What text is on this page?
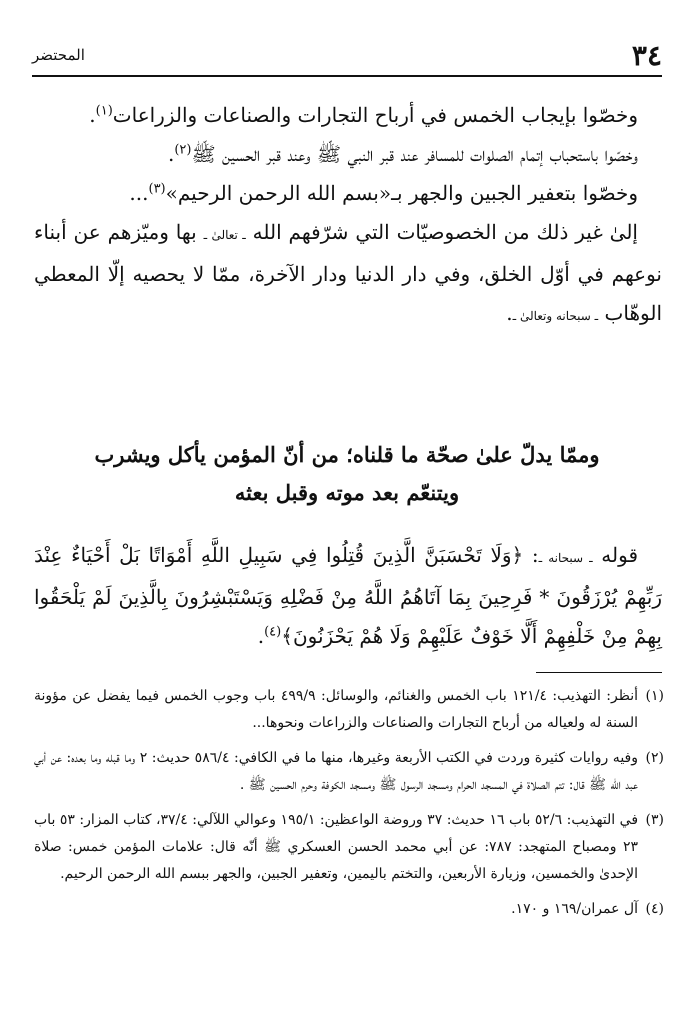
٣٤
المحتضر

وخصّوا بإيجاب الخمس في أرباح التجارات والصناعات والزراعات$^{(١)}$.

وخصّوا باستحباب إتمام الصلوات للمسافر عند قبر النبي ﷺ وعند قبر الحسين ﷺ$^{(٢)}$.

وخصّوا بتعفير الجبين والجهر بـ«بسم الله الرحمن الرحيم»$^{(٣)}$...

إلىٰ غير ذلك من الخصوصيّات التي شرّفهم الله ـ تعالىٰ ـ بها وميّزهم عن أبناء نوعهم في أوّل الخلق، وفي دار الدنيا ودار الآخرة، ممّا لا يحصيه إلّا المعطي الوهّاب ـ سبحانه وتعالىٰ ـ.

وممّا يدلّ علىٰ صحّة ما قلناه؛ من أنّ المؤمن يأكل ويشرب
ويتنعّم بعد موته وقبل بعثه

قوله ـ سبحانه ـ: ﴿وَلَا تَحْسَبَنَّ الَّذِينَ قُتِلُوا فِي سَبِيلِ اللَّهِ أَمْوَاتًا بَلْ أَحْيَاءٌ عِنْدَ رَبِّهِمْ يُرْزَقُونَ * فَرِحِينَ بِمَا آتَاهُمُ اللَّهُ مِنْ فَضْلِهِ وَيَسْتَبْشِرُونَ بِالَّذِينَ لَمْ يَلْحَقُوا بِهِمْ مِنْ خَلْفِهِمْ أَلَّا خَوْفٌ عَلَيْهِمْ وَلَا هُمْ يَحْزَنُونَ﴾$^{(٤)}$.

(١)
أنظر: التهذيب: ١٢١/٤ باب الخمس والغنائم، والوسائل: ٤٩٩/٩ باب وجوب الخمس فيما يفضل عن مؤونة السنة له ولعياله من أرباح التجارات والصناعات والزراعات ونحوها...
(٢)
وفيه روايات كثيرة وردت في الكتب الأربعة وغيرها، منها ما في الكافي: ٥٨٦/٤ حديث: ٢ وما قبله وما بعده: عن أبي عبد الله ﷺ قال: تتم الصلاة في المسجد الحرام ومسجد الرسول ﷺ ومسجد الكوفة وحرم الحسين ﷺ .
(٣)
في التهذيب: ٥٢/٦ باب ١٦ حديث: ٣٧ وروضة الواعظين: ١٩٥/١ وعوالي اللآلي: ٣٧/٤، كتاب المزار: ٥٣ باب ٢٣ ومصباح المتهجد: ٧٨٧: عن أبي محمد الحسن العسكري ﷺ أنّه قال: علامات المؤمن خمس: صلاة الإحدىٰ والخمسين، وزيارة الأربعين، والتختم باليمين، وتعفير الجبين، والجهر ببسم الله الرحمن الرحيم.
(٤)
آل عمران/١٦٩ و ١٧٠.
